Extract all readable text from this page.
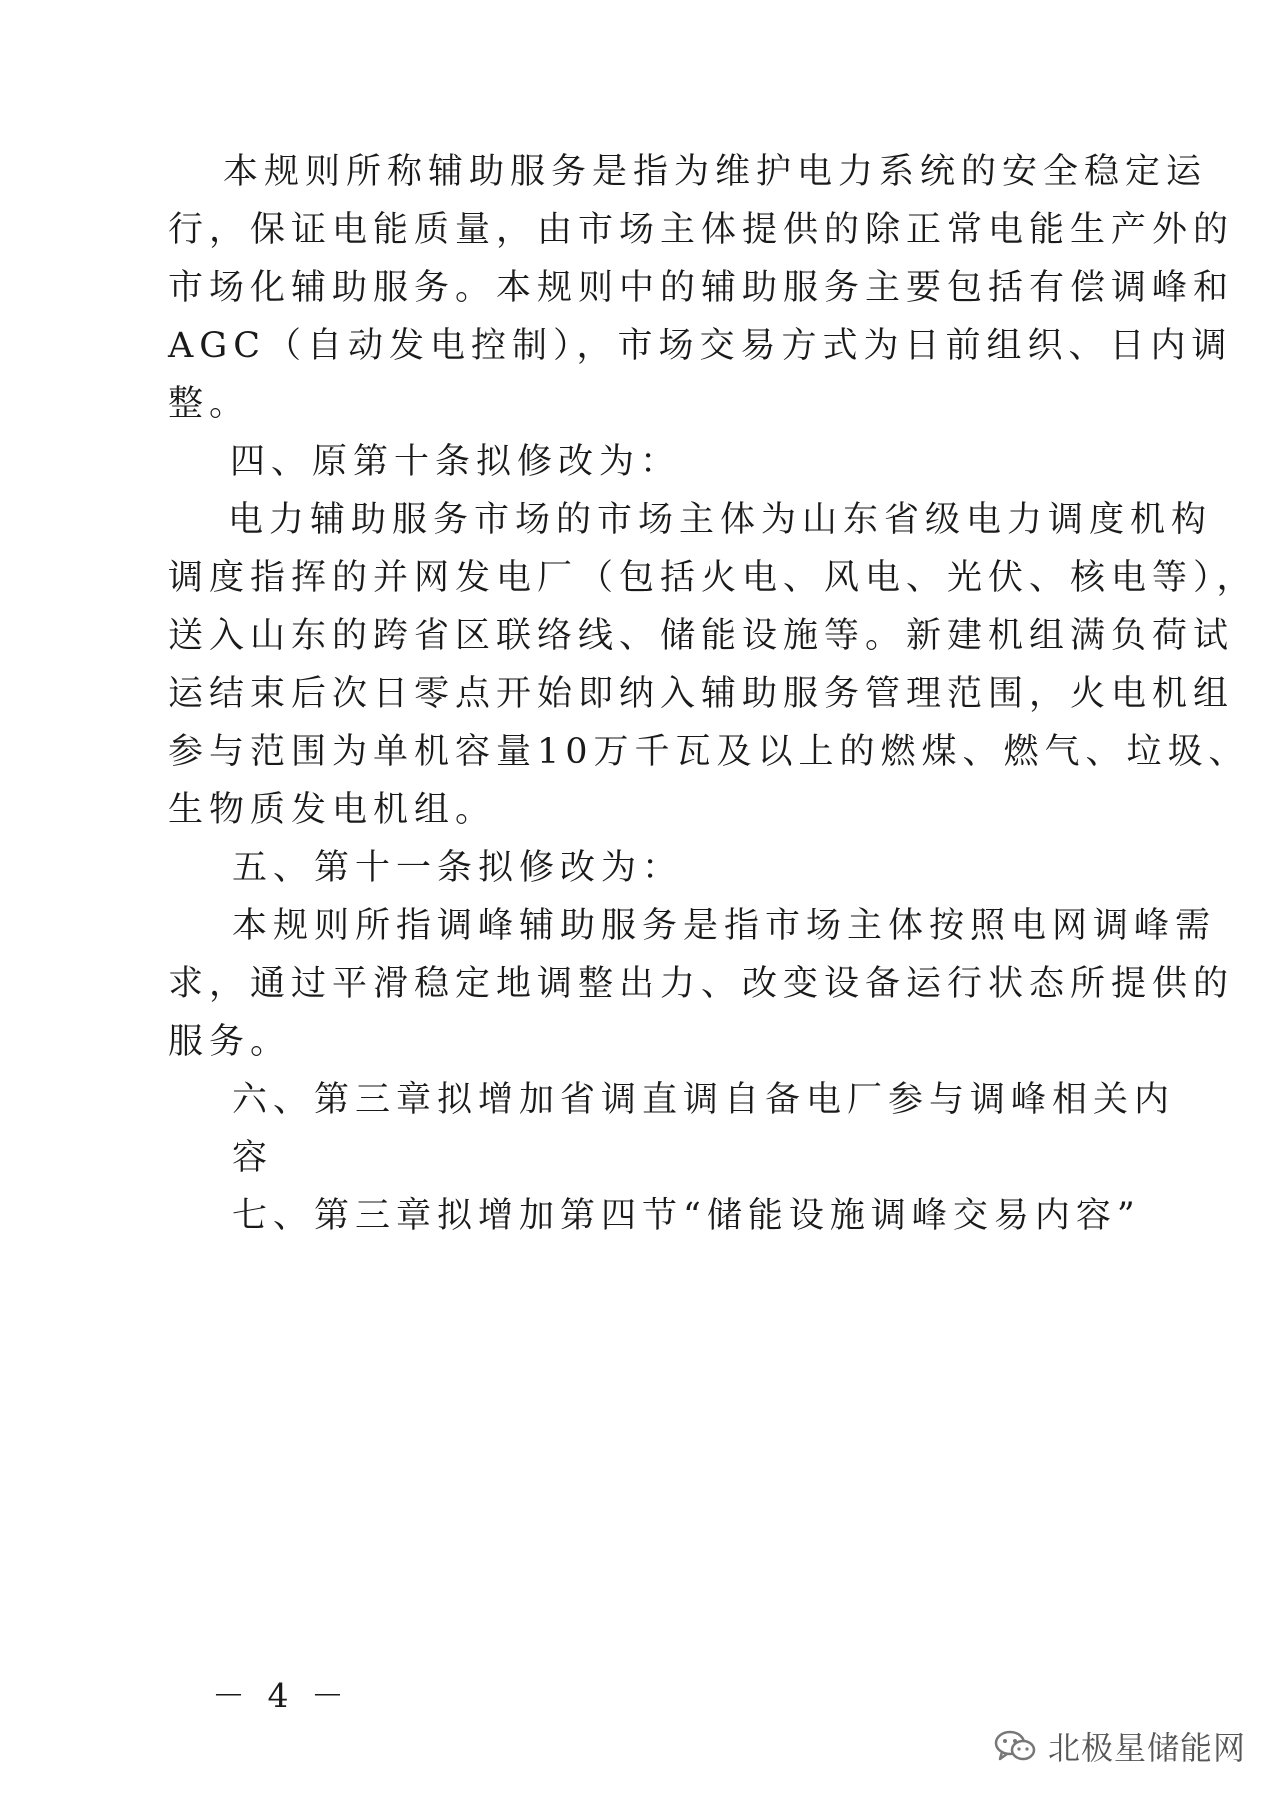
本规则所称辅助服务是指为维护电力系统的安全稳定运
行，保证电能质量，由市场主体提供的除正常电能生产外的
市场化辅助服务。本规则中的辅助服务主要包括有偿调峰和
AGC（自动发电控制），市场交易方式为日前组织、日内调
整。
四、原第十条拟修改为：
电力辅助服务市场的市场主体为山东省级电力调度机构
调度指挥的并网发电厂（包括火电、风电、光伏、核电等），
送入山东的跨省区联络线、储能设施等。新建机组满负荷试
运结束后次日零点开始即纳入辅助服务管理范围，火电机组
参与范围为单机容量10万千瓦及以上的燃煤、燃气、垃圾、
生物质发电机组。
五、第十一条拟修改为：
本规则所指调峰辅助服务是指市场主体按照电网调峰需
求，通过平滑稳定地调整出力、改变设备运行状态所提供的
服务。
六、第三章拟增加省调直调自备电厂参与调峰相关内
容
七、第三章拟增加第四节“储能设施调峰交易内容”
－ 4 －
北极星储能网
